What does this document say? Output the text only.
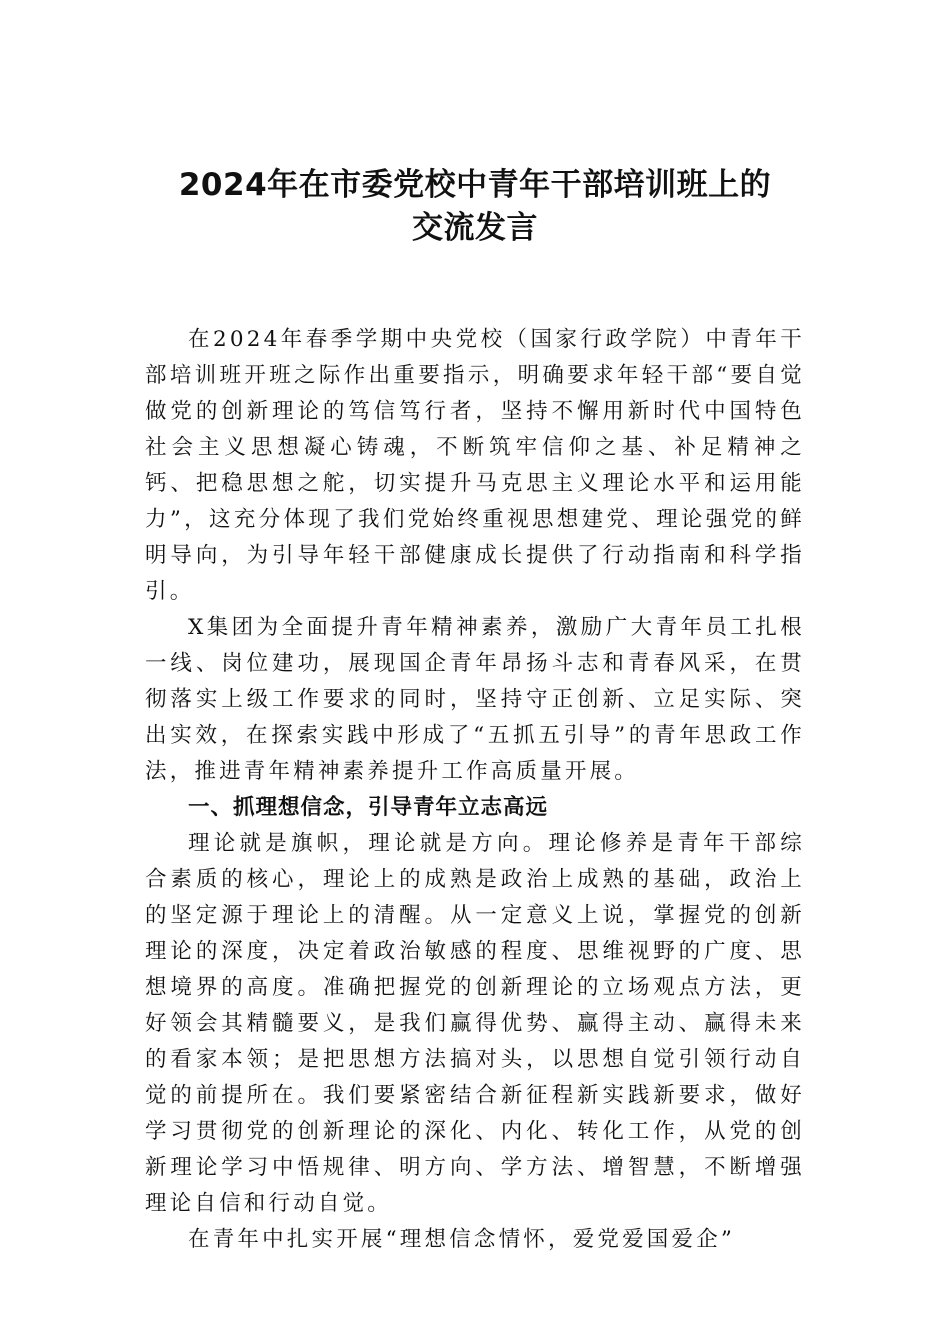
2024年在市委党校中青年干部培训班上的
交流发言

在2024年春季学期中央党校（国家行政学院）中青年干部培训班开班之际作出重要指示，明确要求年轻干部“要自觉做党的创新理论的笃信笃行者，坚持不懈用新时代中国特色社会主义思想凝心铸魂，不断筑牢信仰之基、补足精神之钙、把稳思想之舵，切实提升马克思主义理论水平和运用能力”，这充分体现了我们党始终重视思想建党、理论强党的鲜明导向，为引导年轻干部健康成长提供了行动指南和科学指引。

X集团为全面提升青年精神素养，激励广大青年员工扎根一线、岗位建功，展现国企青年昂扬斗志和青春风采，在贯彻落实上级工作要求的同时，坚持守正创新、立足实际、突出实效，在探索实践中形成了“五抓五引导”的青年思政工作法，推进青年精神素养提升工作高质量开展。

一、抓理想信念，引导青年立志高远

理论就是旗帜，理论就是方向。理论修养是青年干部综合素质的核心，理论上的成熟是政治上成熟的基础，政治上的坚定源于理论上的清醒。从一定意义上说，掌握党的创新理论的深度，决定着政治敏感的程度、思维视野的广度、思想境界的高度。准确把握党的创新理论的立场观点方法，更好领会其精髓要义，是我们赢得优势、赢得主动、赢得未来的看家本领；是把思想方法搞对头，以思想自觉引领行动自觉的前提所在。我们要紧密结合新征程新实践新要求，做好学习贯彻党的创新理论的深化、内化、转化工作，从党的创新理论学习中悟规律、明方向、学方法、增智慧，不断增强理论自信和行动自觉。

在青年中扎实开展“理想信念情怀，爱党爱国爱企”
